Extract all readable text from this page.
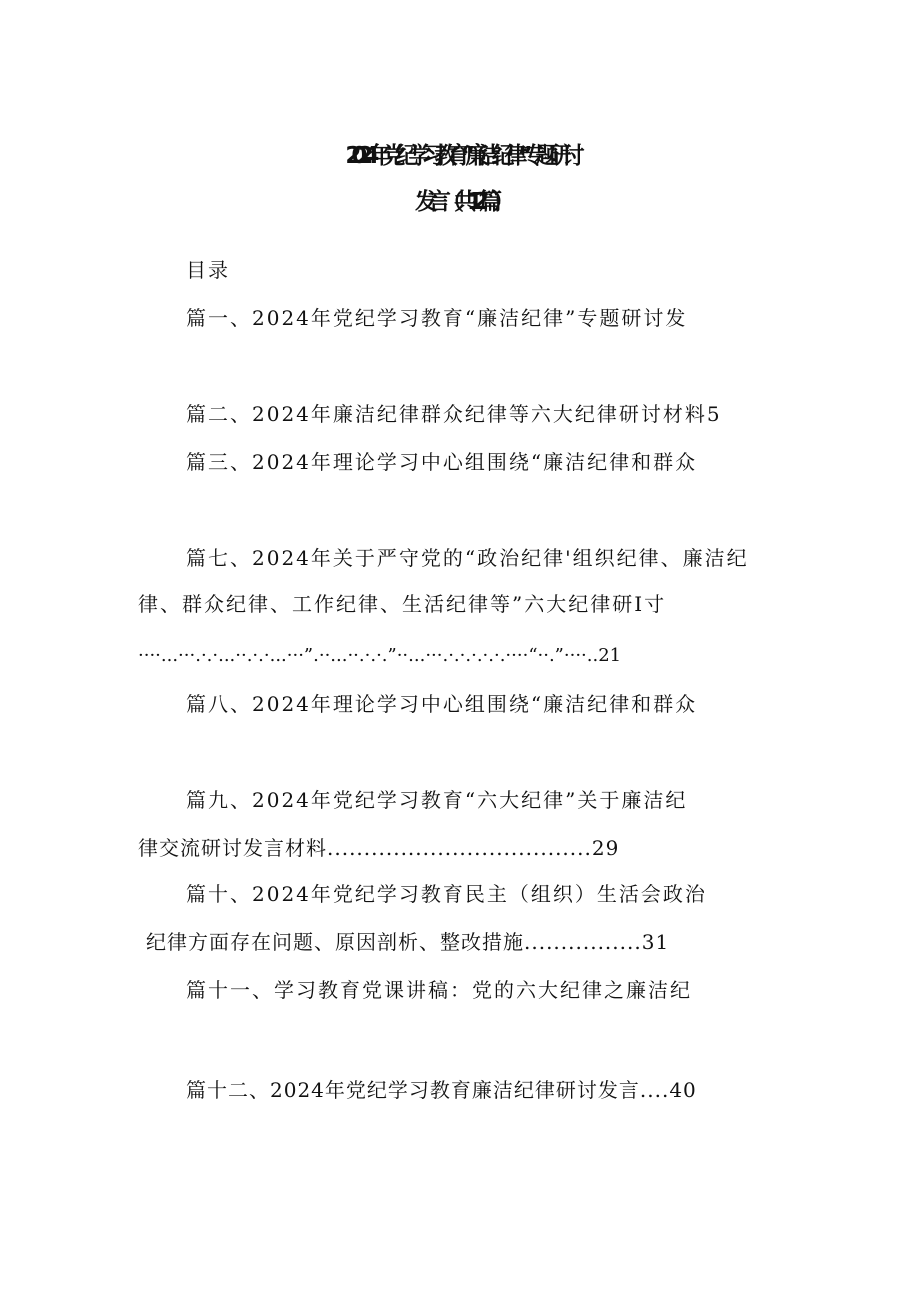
2024年党纪学习教育“廉洁纪律”专题研讨
发言（共12篇）
目录
篇一、2024年党纪学习教育“廉洁纪律”专题研讨发
篇二、2024年廉洁纪律群众纪律等六大纪律研讨材料5
篇三、2024年理论学习中心组围绕“廉洁纪律和群众
篇七、2024年关于严守党的“政治纪律'组织纪律、廉洁纪
律、群众纪律、工作纪律、生活纪律等”六大纪律研I寸
····...···.·.·...··.·.·...···”.··...··.·.·.”··...···.·.·.·.·.·.····“··.”····..21
篇八、2024年理论学习中心组围绕“廉洁纪律和群众
篇九、2024年党纪学习教育“六大纪律”关于廉洁纪
律交流研讨发言材料....................................29
篇十、2024年党纪学习教育民主（组织）生活会政治
纪律方面存在问题、原因剖析、整改措施................31
篇十一、学习教育党课讲稿：党的六大纪律之廉洁纪
篇十二、2024年党纪学习教育廉洁纪律研讨发言....40
